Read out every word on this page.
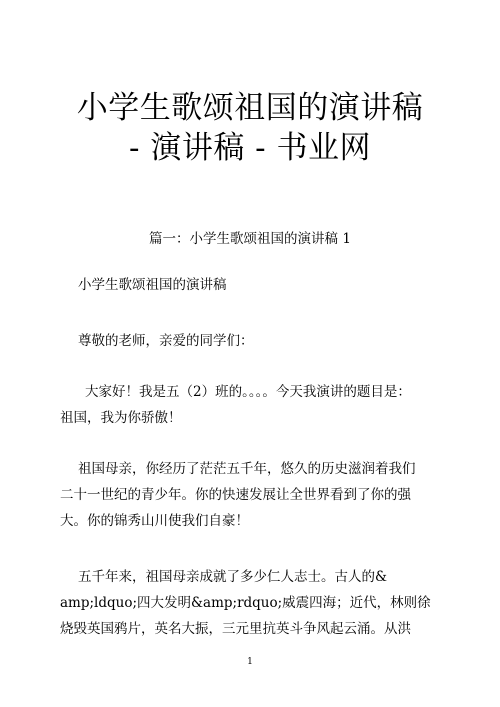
小学生歌颂祖国的演讲稿
- 演讲稿 - 书业网
篇一：小学生歌颂祖国的演讲稿 1
小学生歌颂祖国的演讲稿
尊敬的老师，亲爱的同学们：
大家好！我是五（2）班的。。。。今天我演讲的题目是：
祖国，我为你骄傲！
祖国母亲，你经历了茫茫五千年，悠久的历史滋润着我们
二十一世纪的青少年。你的快速发展让全世界看到了你的强
大。你的锦秀山川使我们自豪！
五千年来，祖国母亲成就了多少仁人志士。古人的&
amp;ldquo;四大发明&amp;rdquo;威震四海；近代，林则徐
烧毁英国鸦片，英名大振，三元里抗英斗争风起云涌。从洪
1
